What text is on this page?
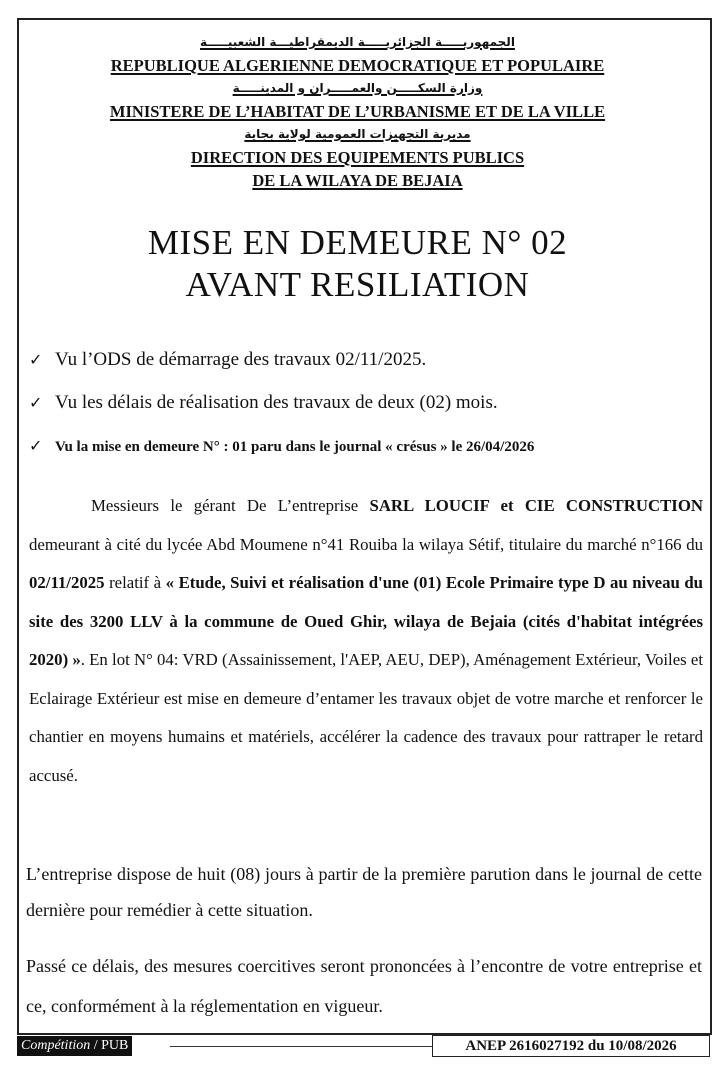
الجمهوريـــــة الجزائريـــــة الديمقراطيـــة الشعبيـــــة
REPUBLIQUE ALGERIENNE DEMOCRATIQUE ET POPULAIRE
وزارة السكـــــن والعمـــــران و المدينـــــة
MINISTERE DE L’HABITAT DE L’URBANISME ET DE LA VILLE
مديرية التجهيزات العمومية لولاية بجاية
DIRECTION DES EQUIPEMENTS PUBLICS
DE LA WILAYA DE BEJAIA
MISE EN DEMEURE N° 02
AVANT RESILIATION
✓ Vu l’ODS de démarrage des travaux 02/11/2025.
✓ Vu les délais de réalisation des travaux de deux (02) mois.
✓ Vu la mise en demeure N° : 01 paru dans le journal « crésus » le 26/04/2026
Messieurs le gérant De L’entreprise SARL LOUCIF et CIE CONSTRUCTION demeurant à cité du lycée Abd Moumene n°41 Rouiba la wilaya Sétif, titulaire du marché n°166 du 02/11/2025 relatif à « Etude, Suivi et réalisation d'une (01) Ecole Primaire type D au niveau du site des 3200 LLV à la commune de Oued Ghir, wilaya de Bejaia (cités d'habitat intégrées 2020) ». En lot N° 04: VRD (Assainissement, l'AEP, AEU, DEP), Aménagement Extérieur, Voiles et Eclairage Extérieur est mise en demeure d’entamer les travaux objet de votre marche et renforcer le chantier en moyens humains et matériels, accélérer la cadence des travaux pour rattraper le retard accusé.
L’entreprise dispose de huit (08) jours à partir de la première parution dans le journal de cette dernière pour remédier à cette situation.
Passé ce délais, des mesures coercitives seront prononcées à l’encontre de votre entreprise et ce, conformément à la réglementation en vigueur.
Compétition / PUB	ANEP 2616027192 du 10/08/2026
